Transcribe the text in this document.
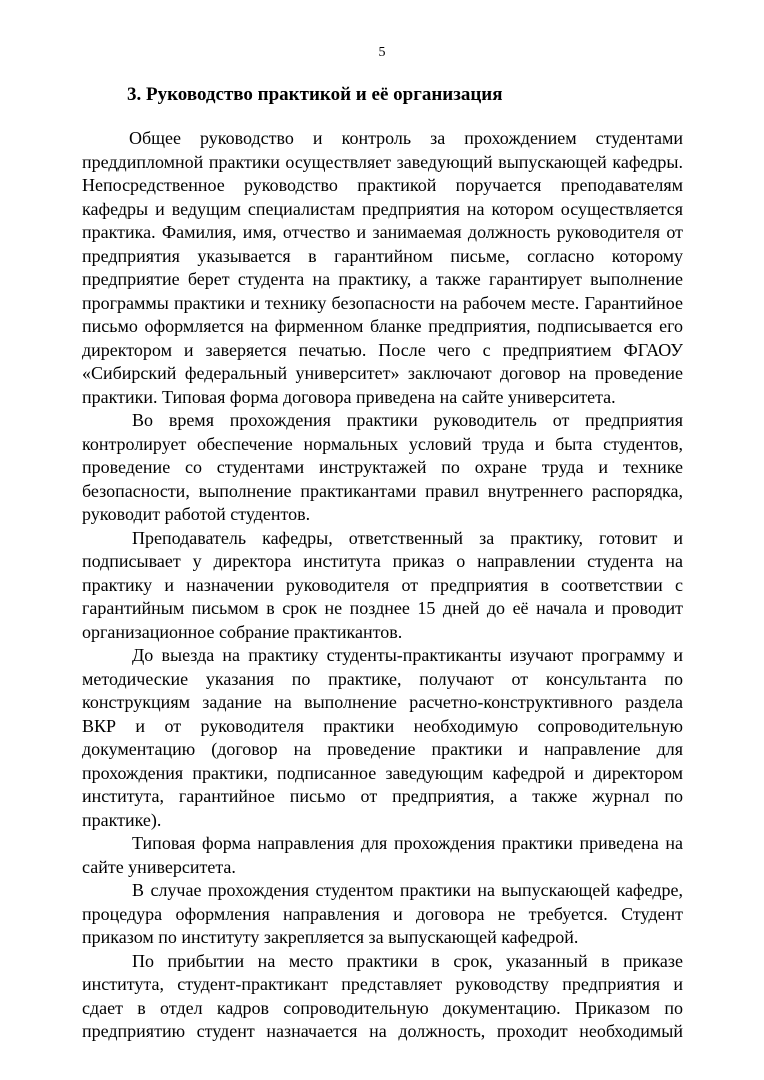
5
3. Руководство практикой и её организация
Общее руководство и контроль за прохождением студентами
преддипломной практики осуществляет заведующий выпускающей кафедры.
Непосредственное руководство практикой поручается преподавателям
кафедры и ведущим специалистам предприятия на котором осуществляется
практика. Фамилия, имя, отчество и занимаемая должность руководителя от
предприятия указывается в гарантийном письме, согласно которому
предприятие берет студента на практику, а также гарантирует выполнение
программы практики и технику безопасности на рабочем месте. Гарантийное
письмо оформляется на фирменном бланке предприятия, подписывается его
директором и заверяется печатью. После чего с предприятием ФГАОУ
«Сибирский федеральный университет» заключают договор на проведение
практики. Типовая форма договора приведена на сайте университета.
Во время прохождения практики руководитель от предприятия
контролирует обеспечение нормальных условий труда и быта студентов,
проведение со студентами инструктажей по охране труда и технике
безопасности, выполнение практикантами правил внутреннего распорядка,
руководит работой студентов.
Преподаватель кафедры, ответственный за практику, готовит и
подписывает у директора института приказ о направлении студента на
практику и назначении руководителя от предприятия в соответствии с
гарантийным письмом в срок не позднее 15 дней до её начала и проводит
организационное собрание практикантов.
До выезда на практику студенты-практиканты изучают программу и
методические указания по практике, получают от консультанта по
конструкциям задание на выполнение расчетно-конструктивного раздела
ВКР и от руководителя практики необходимую сопроводительную
документацию (договор на проведение практики и направление для
прохождения практики, подписанное заведующим кафедрой и директором
института, гарантийное письмо от предприятия, а также журнал по
практике).
Типовая форма направления для прохождения практики приведена на
сайте университета.
В случае прохождения студентом практики на выпускающей кафедре,
процедура оформления направления и договора не требуется. Студент
приказом по институту закрепляется за выпускающей кафедрой.
По прибытии на место практики в срок, указанный в приказе
института, студент-практикант представляет руководству предприятия и
сдает в отдел кадров сопроводительную документацию. Приказом по
предприятию студент назначается на должность, проходит необходимый
